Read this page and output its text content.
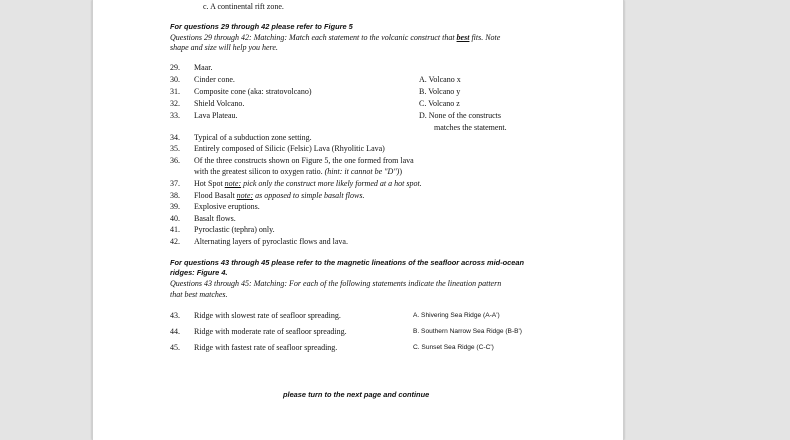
c. A continental rift zone.
For questions 29 through 42 please refer to Figure 5
Questions 29 through 42: Matching: Match each statement to the volcanic construct that best fits. Note
shape and size will help you here.
29. Maar.
30. Cinder cone.
31. Composite cone (aka: stratovolcano)
32. Shield Volcano.
33. Lava Plateau.
A. Volcano x
B. Volcano y
C. Volcano z
D. None of the constructs
matches the statement.
34. Typical of a subduction zone setting.
35. Entirely composed of Silicic (Felsic) Lava (Rhyolitic Lava)
36. Of the three constructs shown on Figure 5, the one formed from lava
with the greatest silicon to oxygen ratio. (hint: it cannot be "D"))
37. Hot Spot note: pick only the construct more likely formed at a hot spot.
38. Flood Basalt note: as opposed to simple basalt flows.
39. Explosive eruptions.
40. Basalt flows.
41. Pyroclastic (tephra) only.
42. Alternating layers of pyroclastic flows and lava.
For questions 43 through 45 please refer to the magnetic lineations of the seafloor across mid-ocean
ridges: Figure 4.
Questions 43 through 45: Matching: For each of the following statements indicate the lineation pattern
that best matches.
43. Ridge with slowest rate of seafloor spreading.
44. Ridge with moderate rate of seafloor spreading.
45. Ridge with fastest rate of seafloor spreading.
A. Shivering Sea Ridge (A-A')
B. Southern Narrow Sea Ridge (B-B')
C. Sunset Sea Ridge (C-C')
please turn to the next page and continue
